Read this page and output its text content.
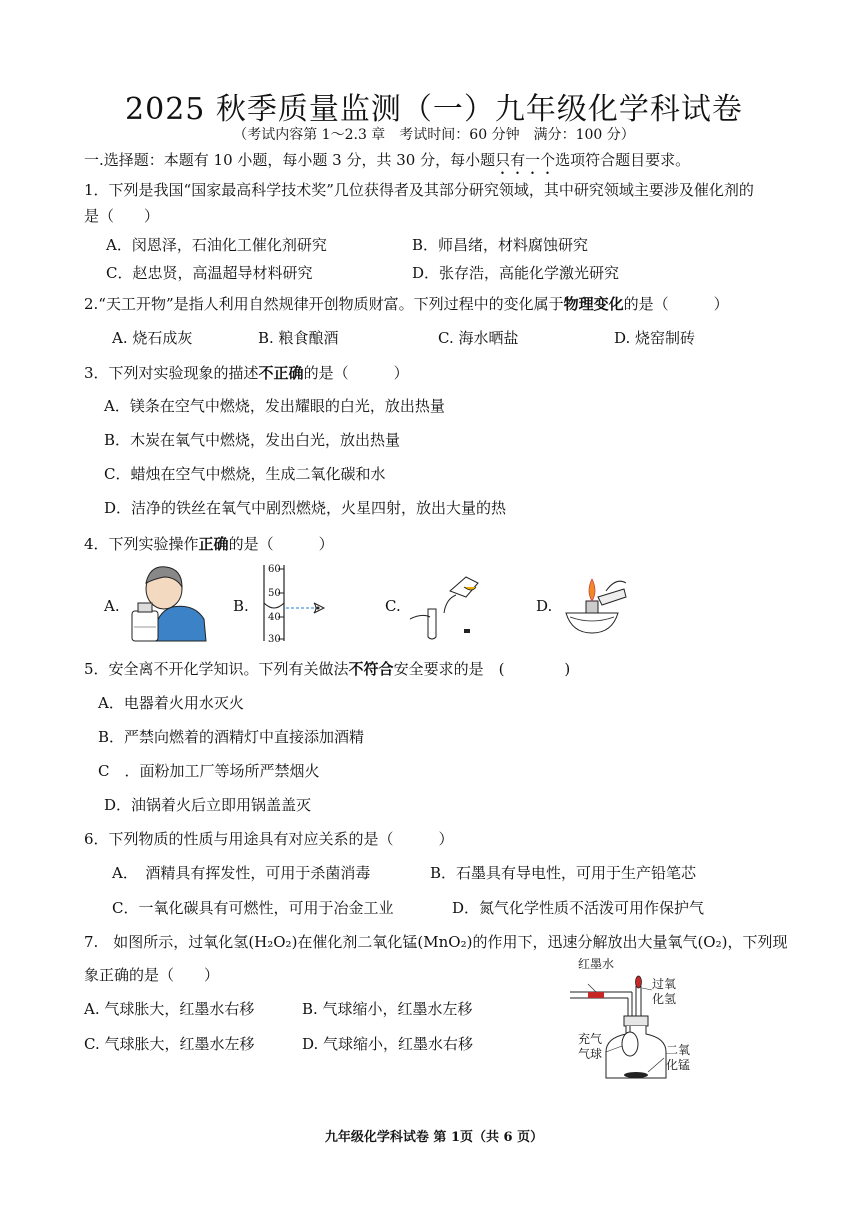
2025 秋季质量监测（一）九年级化学科试卷
（考试内容第 1～2.3 章　考试时间：60 分钟　满分：100 分）
一.选择题：本题有 10 小题，每小题 3 分，共 30 分，每小题只有一个选项符合题目要求。
1．下列是我国“国家最高科学技术奖”几位获得者及其部分研究领域，其中研究领域主要涉及催化剂的
是（　　）
A．闵恩泽，石油化工催化剂研究	B．师昌绪，材料腐蚀研究
C．赵忠贤，高温超导材料研究	D．张存浩，高能化学激光研究
2.“天工开物”是指人利用自然规律开创物质财富。下列过程中的变化属于物理变化的是（　　　）
A. 烧石成灰	B. 粮食酿酒	C. 海水晒盐	D. 烧窑制砖
3．下列对实验现象的描述不正确的是（　　　）
A．镁条在空气中燃烧，发出耀眼的白光，放出热量
B．木炭在氧气中燃烧，发出白光，放出热量
C．蜡烛在空气中燃烧，生成二氧化碳和水
D．洁净的铁丝在氧气中剧烈燃烧，火星四射，放出大量的热
4．下列实验操作正确的是（　　　）
A.	B.	C.	D.
60
50
40
30
5．安全离不开化学知识。下列有关做法不符合安全要求的是　(　　　　)
A．电器着火用水灭火
B．严禁向燃着的酒精灯中直接添加酒精
C　．面粉加工厂等场所严禁烟火
D．油锅着火后立即用锅盖盖灭
6．下列物质的性质与用途具有对应关系的是（　　　）
A．　酒精具有挥发性，可用于杀菌消毒	B．石墨具有导电性，可用于生产铅笔芯
C．一氧化碳具有可燃性，可用于冶金工业	D．氮气化学性质不活泼可用作保护气
7.　如图所示，过氧化氢(H₂O₂)在催化剂二氧化锰(MnO₂)的作用下，迅速分解放出大量氧气(O₂)，下列现
象正确的是（　　）
A. 气球胀大，红墨水右移	B. 气球缩小，红墨水左移
C. 气球胀大，红墨水左移	D. 气球缩小，红墨水右移
红墨水
过氧
化氢
充气
气球	二氧
化锰
九年级化学科试卷 第 1页（共 6 页）
